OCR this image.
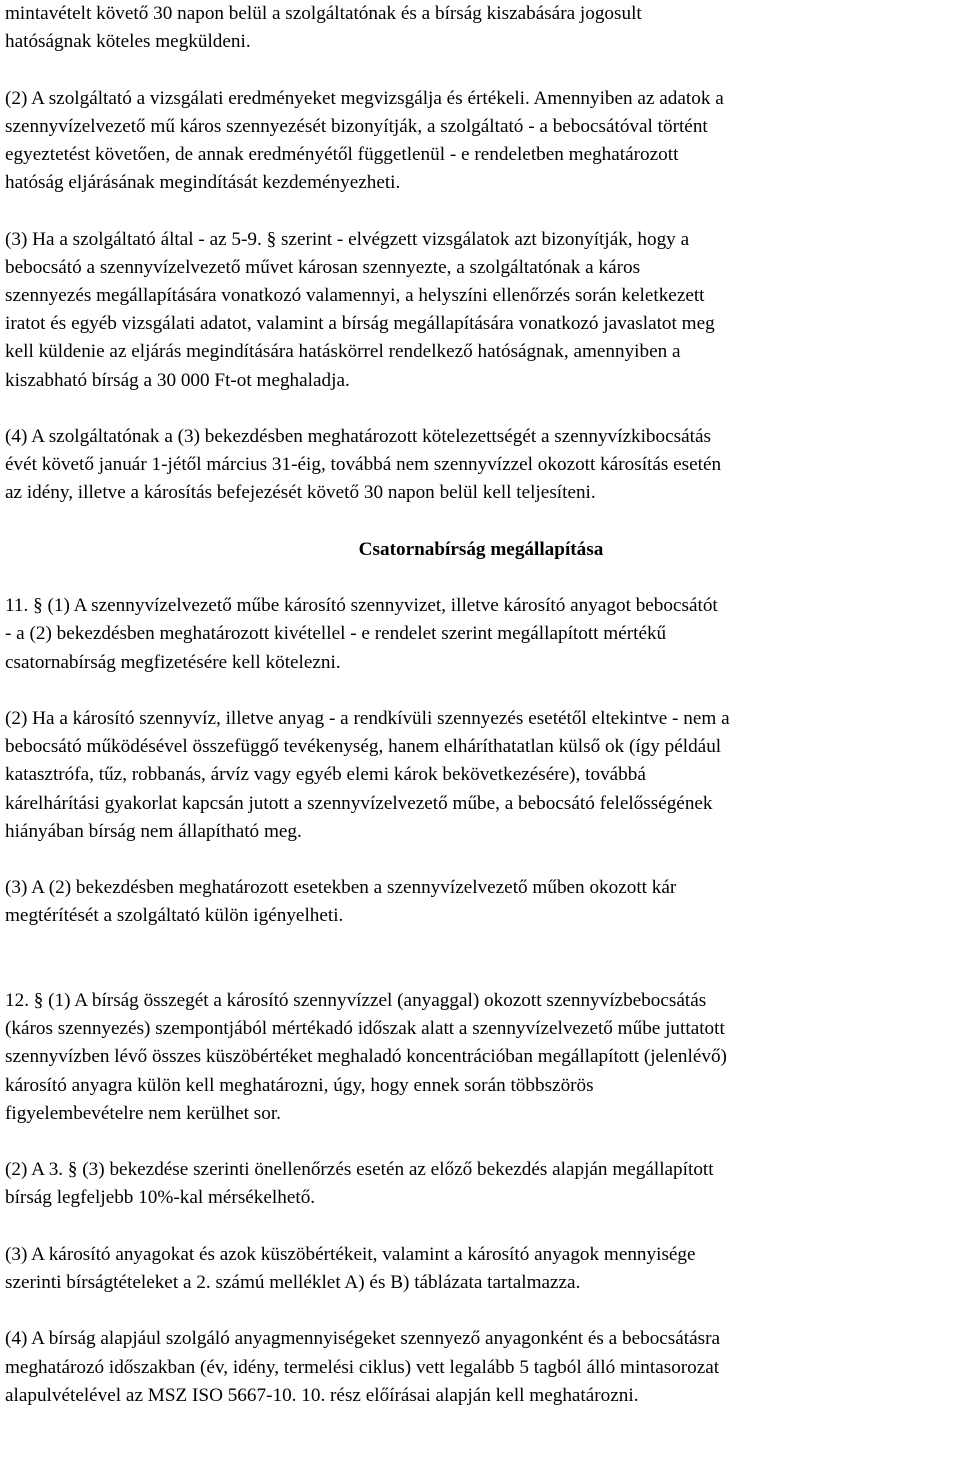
mintavételt követő 30 napon belül a szolgáltatónak és a bírság kiszabására jogosult
hatóságnak köteles megküldeni.

(2) A szolgáltató a vizsgálati eredményeket megvizsgálja és értékeli. Amennyiben az adatok a
szennyvízelvezető mű káros szennyezését bizonyítják, a szolgáltató - a bebocsátóval történt
egyeztetést követően, de annak eredményétől függetlenül - e rendeletben meghatározott
hatóság eljárásának megindítását kezdeményezheti.

(3) Ha a szolgáltató által - az 5-9. § szerint - elvégzett vizsgálatok azt bizonyítják, hogy a
bebocsátó a szennyvízelvezető művet károsan szennyezte, a szolgáltatónak a káros
szennyezés megállapítására vonatkozó valamennyi, a helyszíni ellenőrzés során keletkezett
iratot és egyéb vizsgálati adatot, valamint a bírság megállapítására vonatkozó javaslatot meg
kell küldenie az eljárás megindítására hatáskörrel rendelkező hatóságnak, amennyiben a
kiszabható bírság a 30 000 Ft-ot meghaladja.

(4) A szolgáltatónak a (3) bekezdésben meghatározott kötelezettségét a szennyvízkibocsátás
évét követő január 1-jétől március 31-éig, továbbá nem szennyvízzel okozott károsítás esetén
az idény, illetve a károsítás befejezését követő 30 napon belül kell teljesíteni.

Csatornabírság megállapítása

11. § (1) A szennyvízelvezető műbe károsító szennyvizet, illetve károsító anyagot bebocsátót
- a (2) bekezdésben meghatározott kivétellel - e rendelet szerint megállapított mértékű
csatornabírság megfizetésére kell kötelezni.

(2) Ha a károsító szennyvíz, illetve anyag - a rendkívüli szennyezés esetétől eltekintve - nem a
bebocsátó működésével összefüggő tevékenység, hanem elháríthatatlan külső ok (így például
katasztrófa, tűz, robbanás, árvíz vagy egyéb elemi károk bekövetkezésére), továbbá
kárelhárítási gyakorlat kapcsán jutott a szennyvízelvezető műbe, a bebocsátó felelősségének
hiányában bírság nem állapítható meg.

(3) A (2) bekezdésben meghatározott esetekben a szennyvízelvezető műben okozott kár
megtérítését a szolgáltató külön igényelheti.

12. § (1) A bírság összegét a károsító szennyvízzel (anyaggal) okozott szennyvízbebocsátás
(káros szennyezés) szempontjából mértékadó időszak alatt a szennyvízelvezető műbe juttatott
szennyvízben lévő összes küszöbértéket meghaladó koncentrációban megállapított (jelenlévő)
károsító anyagra külön kell meghatározni, úgy, hogy ennek során többszörös
figyelembevételre nem kerülhet sor.

(2) A 3. § (3) bekezdése szerinti önellenőrzés esetén az előző bekezdés alapján megállapított
bírság legfeljebb 10%-kal mérsékelhető.

(3) A károsító anyagokat és azok küszöbértékeit, valamint a károsító anyagok mennyisége
szerinti bírságtételeket a 2. számú melléklet A) és B) táblázata tartalmazza.

(4) A bírság alapjául szolgáló anyagmennyiségeket szennyező anyagonként és a bebocsátásra
meghatározó időszakban (év, idény, termelési ciklus) vett legalább 5 tagból álló mintasorozat
alapulvételével az MSZ ISO 5667-10. 10. rész előírásai alapján kell meghatározni.
